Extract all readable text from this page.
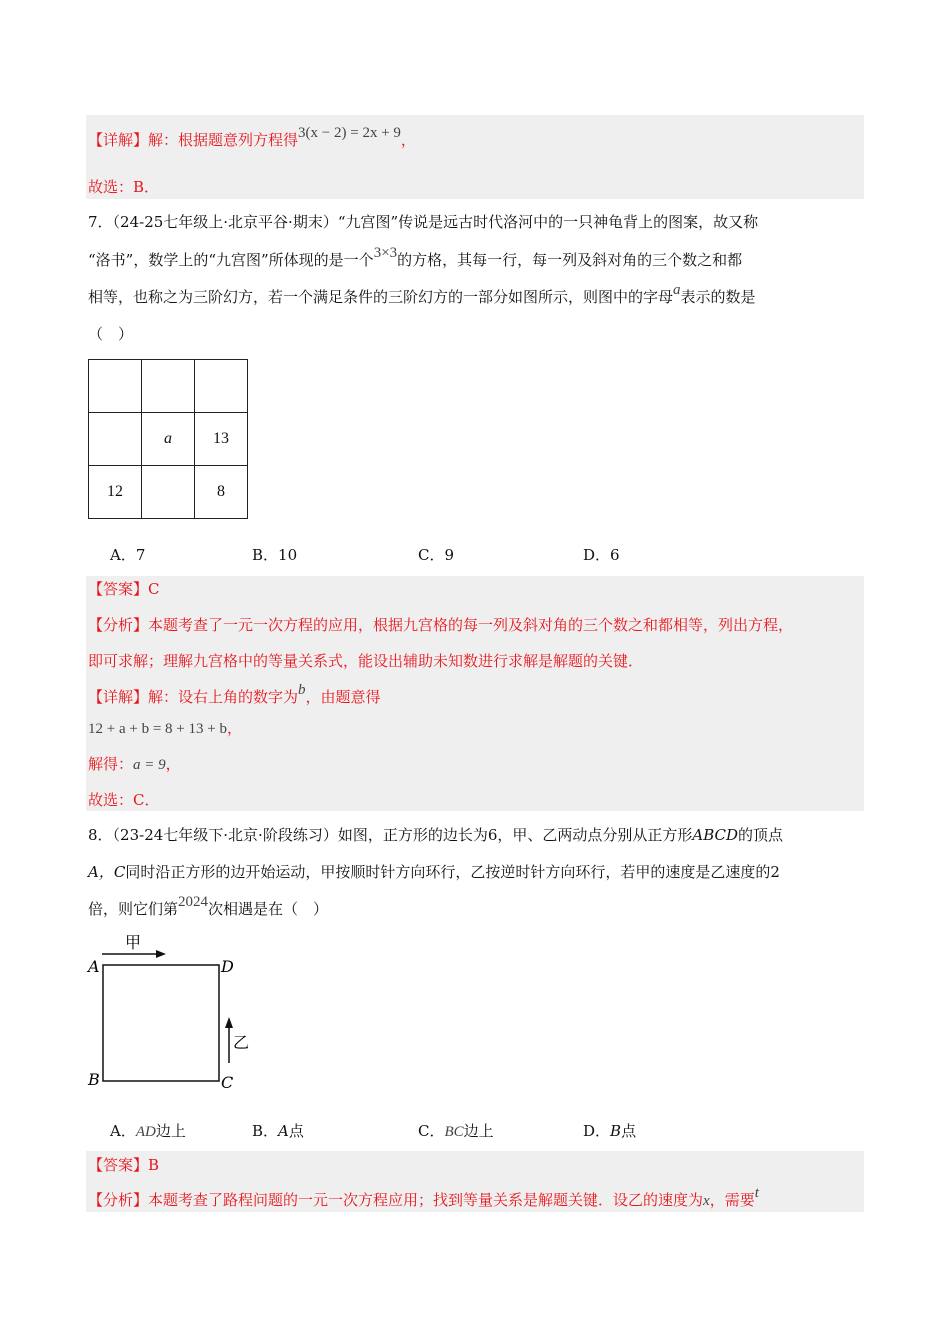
【详解】解：根据题意列方程得3(x − 2) = 2x + 9，
故选：B．
7．（24-25七年级上·北京平谷·期末）“九宫图”传说是远古时代洛河中的一只神龟背上的图案，故又称
“洛书”，数学上的“九宫图”所体现的是一个3×3的方格，其每一行，每一列及斜对角的三个数之和都
相等，也称之为三阶幻方，若一个满足条件的三阶幻方的一部分如图所示，则图中的字母a表示的数是
（　）

	a	13
12		8
A．7	B．10	C．9	D．6
【答案】C
【分析】本题考查了一元一次方程的应用，根据九宫格的每一列及斜对角的三个数之和都相等，列出方程，
即可求解；理解九宫格中的等量关系式，能设出辅助未知数进行求解是解题的关键．
【详解】解：设右上角的数字为b，由题意得
12 + a + b = 8 + 13 + b，
解得：a = 9，
故选：C．
8．（23-24七年级下·北京·阶段练习）如图，正方形的边长为6，甲、乙两动点分别从正方形ABCD的顶点
A，C同时沿正方形的边开始运动，甲按顺时针方向环行，乙按逆时针方向环行，若甲的速度是乙速度的2
倍，则它们第2024次相遇是在（　）
甲
乙
A	D
B	C
A．AD边上	B．A点	C．BC边上	D．B点
【答案】B
【分析】本题考查了路程问题的一元一次方程应用；找到等量关系是解题关键．设乙的速度为x，需要t
